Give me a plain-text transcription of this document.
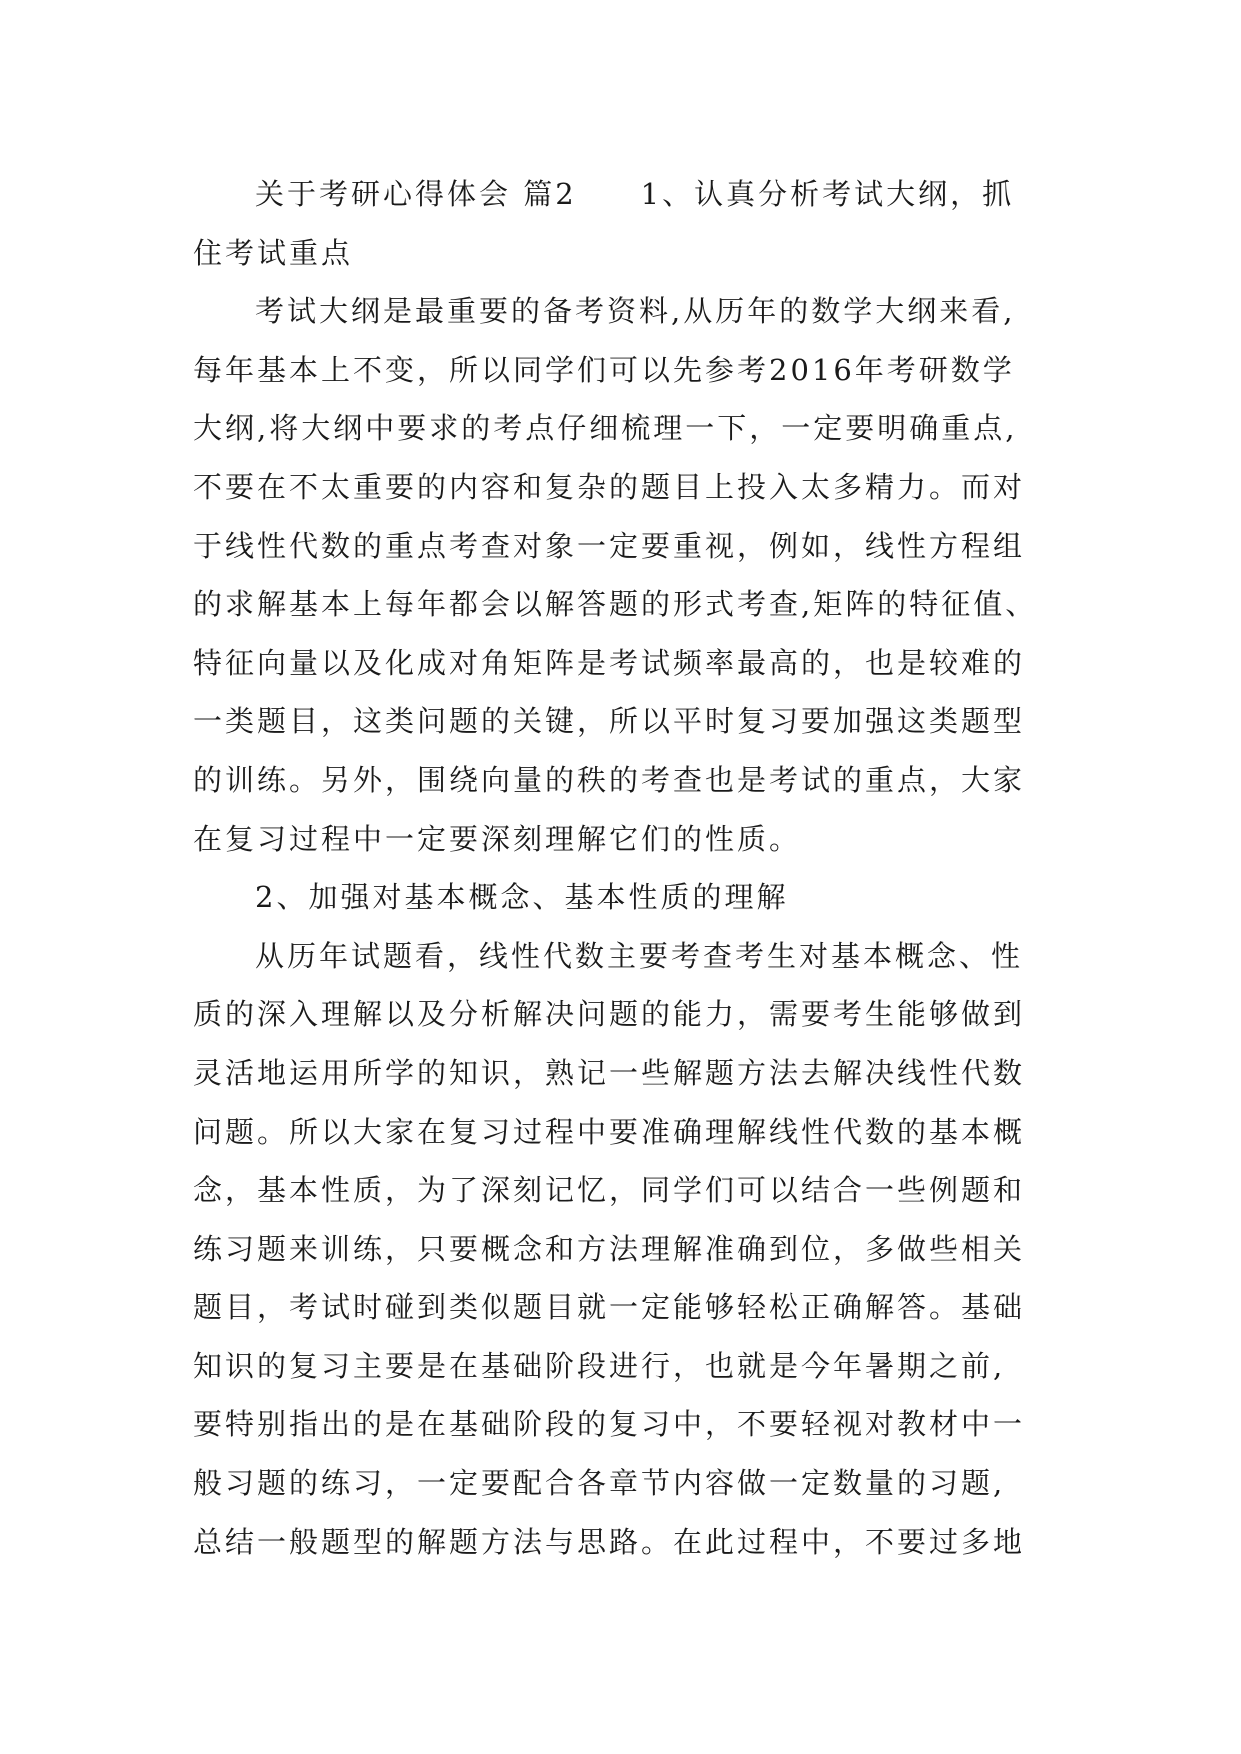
关于考研心得体会 篇2　　1、认真分析考试大纲，抓
住考试重点
考试大纲是最重要的备考资料,从历年的数学大纲来看,
每年基本上不变，所以同学们可以先参考2016年考研数学
大纲,将大纲中要求的考点仔细梳理一下，一定要明确重点,
不要在不太重要的内容和复杂的题目上投入太多精力。而对
于线性代数的重点考查对象一定要重视，例如，线性方程组
的求解基本上每年都会以解答题的形式考查,矩阵的特征值、
特征向量以及化成对角矩阵是考试频率最高的，也是较难的
一类题目，这类问题的关键，所以平时复习要加强这类题型
的训练。另外，围绕向量的秩的考查也是考试的重点，大家
在复习过程中一定要深刻理解它们的性质。
2、加强对基本概念、基本性质的理解
从历年试题看，线性代数主要考查考生对基本概念、性
质的深入理解以及分析解决问题的能力，需要考生能够做到
灵活地运用所学的知识，熟记一些解题方法去解决线性代数
问题。所以大家在复习过程中要准确理解线性代数的基本概
念，基本性质，为了深刻记忆，同学们可以结合一些例题和
练习题来训练，只要概念和方法理解准确到位，多做些相关
题目，考试时碰到类似题目就一定能够轻松正确解答。基础
知识的复习主要是在基础阶段进行，也就是今年暑期之前,
要特别指出的是在基础阶段的复习中，不要轻视对教材中一
般习题的练习，一定要配合各章节内容做一定数量的习题,
总结一般题型的解题方法与思路。在此过程中，不要过多地
